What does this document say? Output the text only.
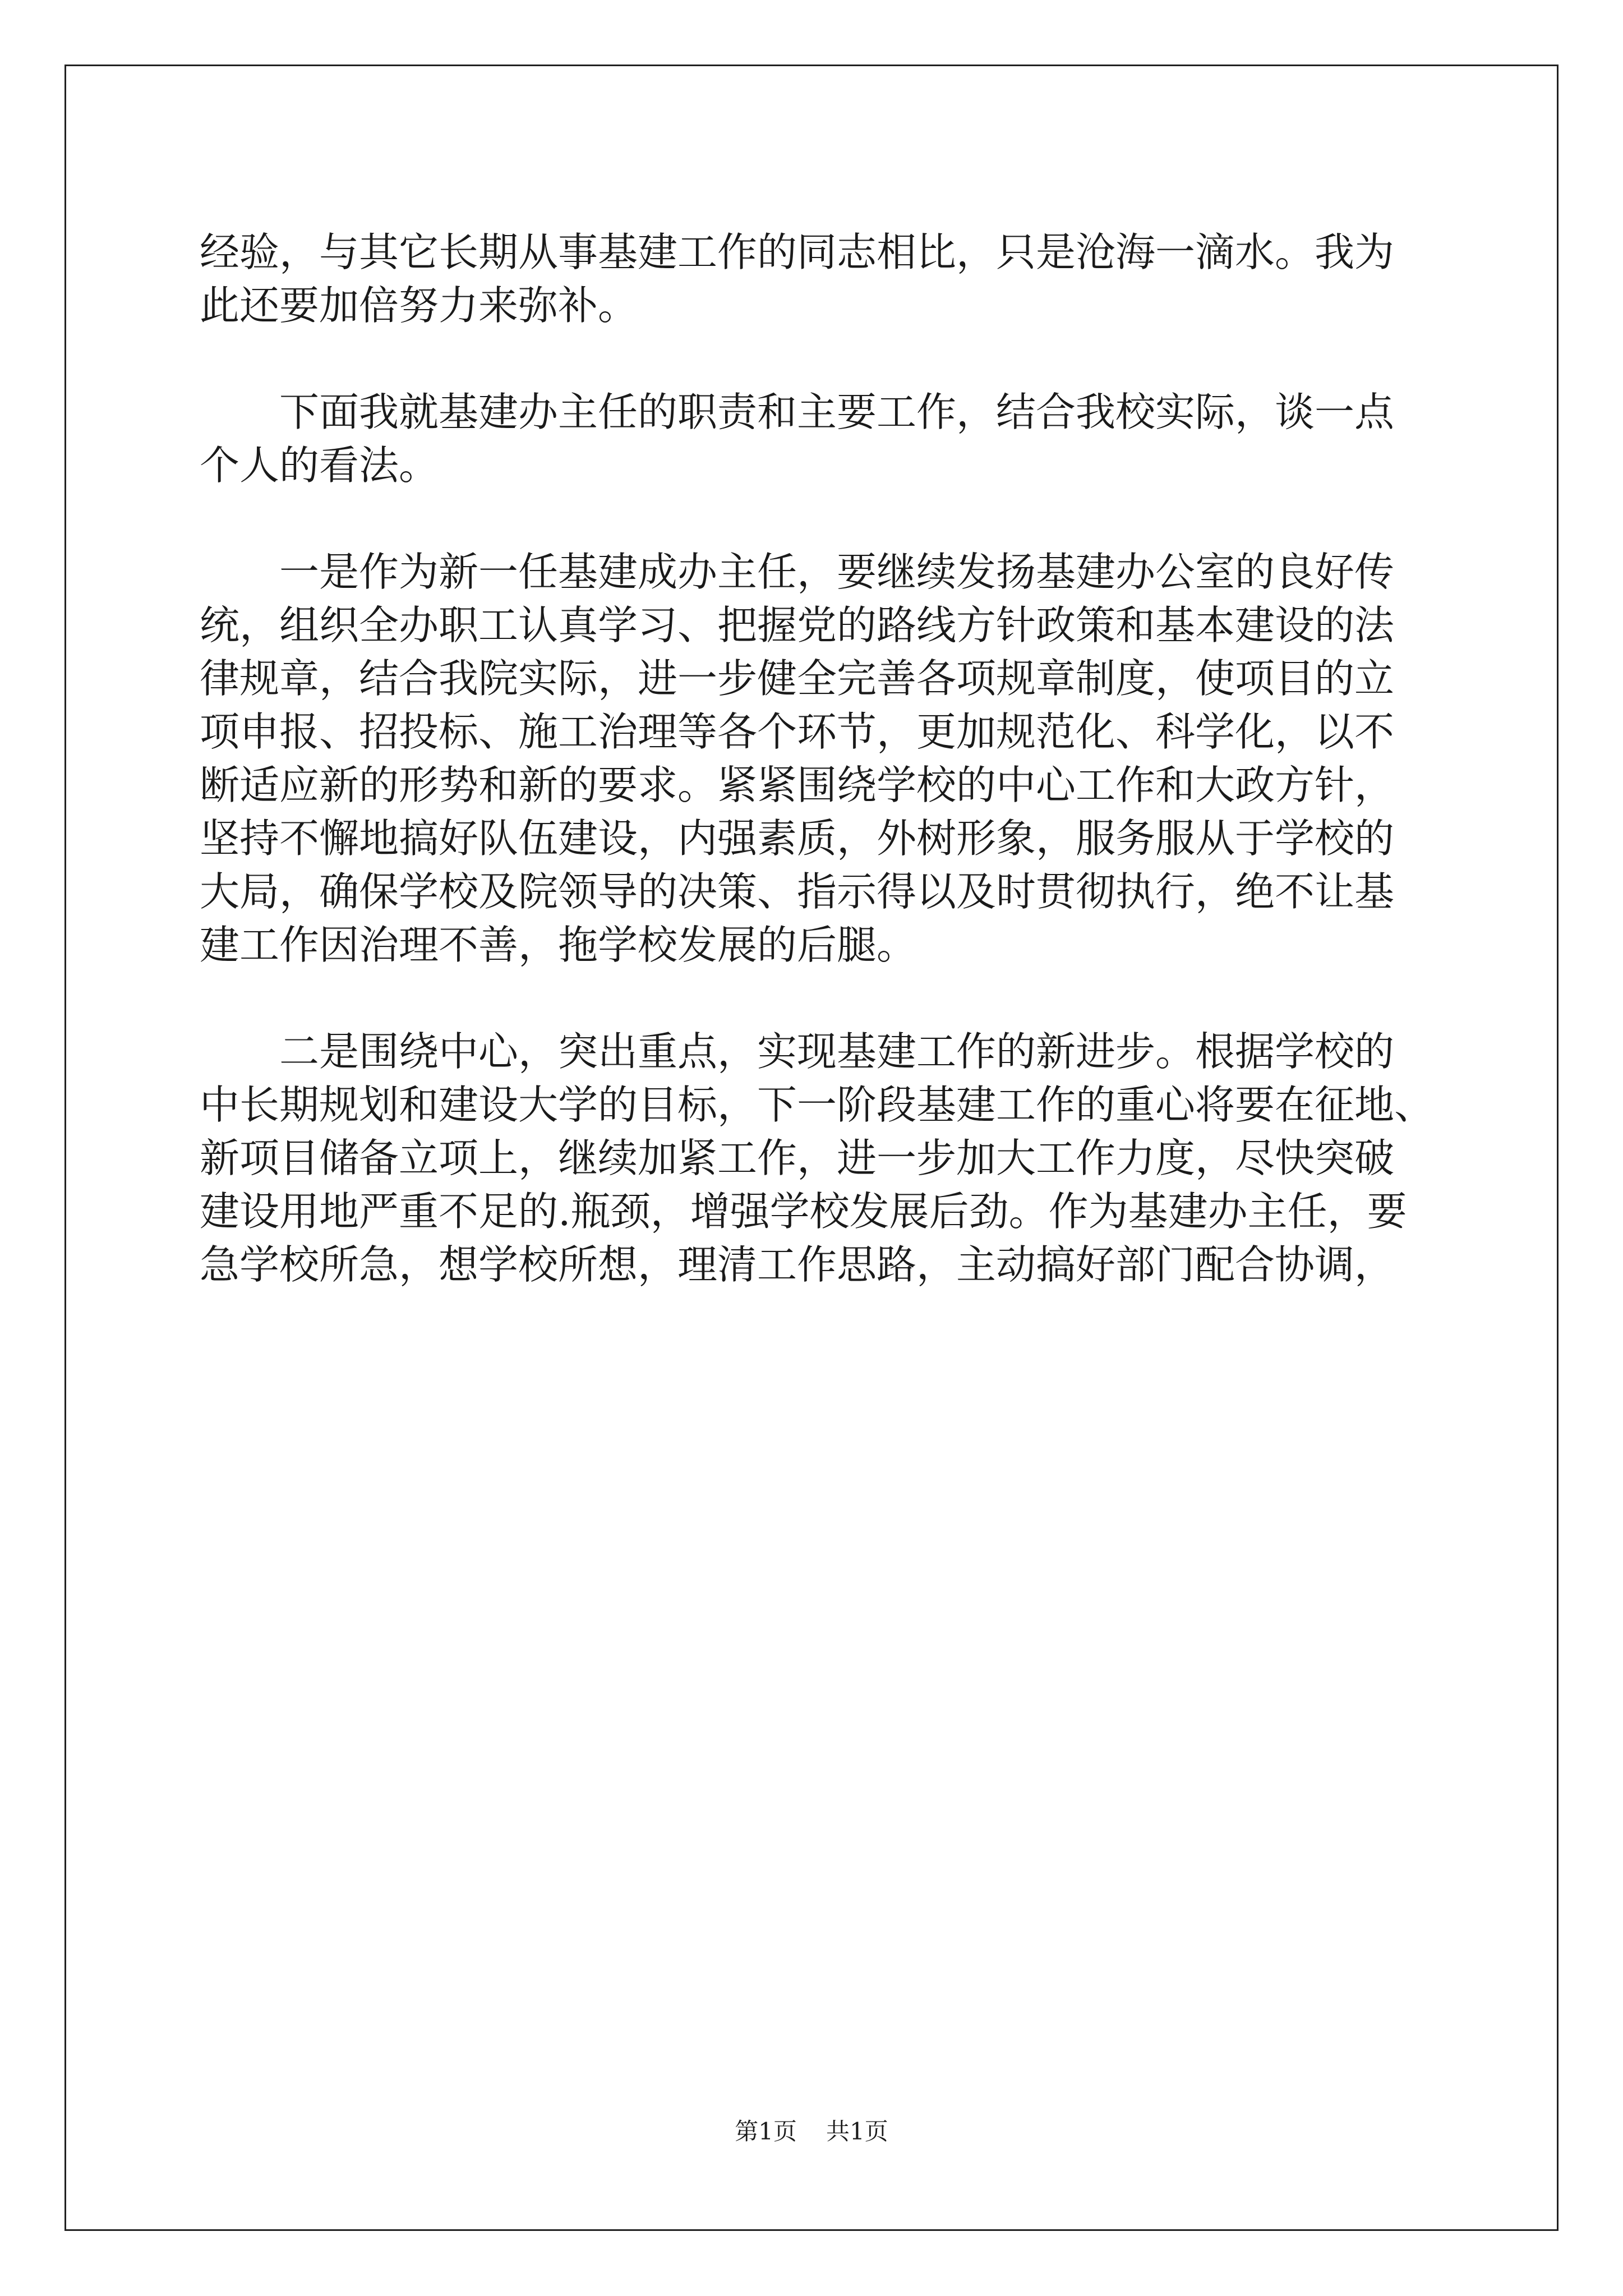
经验，与其它长期从事基建工作的同志相比，只是沧海一滴水。我为
此还要加倍努力来弥补。
　　下面我就基建办主任的职责和主要工作，结合我校实际，谈一点
个人的看法。
　　一是作为新一任基建成办主任，要继续发扬基建办公室的良好传
统，组织全办职工认真学习、把握党的路线方针政策和基本建设的法
律规章，结合我院实际，进一步健全完善各项规章制度，使项目的立
项申报、招投标、施工治理等各个环节，更加规范化、科学化，以不
断适应新的形势和新的要求。紧紧围绕学校的中心工作和大政方针，
坚持不懈地搞好队伍建设，内强素质，外树形象，服务服从于学校的
大局，确保学校及院领导的决策、指示得以及时贯彻执行，绝不让基
建工作因治理不善，拖学校发展的后腿。
　　二是围绕中心，突出重点，实现基建工作的新进步。根据学校的
中长期规划和建设大学的目标，下一阶段基建工作的重心将要在征地、
新项目储备立项上，继续加紧工作，进一步加大工作力度，尽快突破
建设用地严重不足的.瓶颈，增强学校发展后劲。作为基建办主任，要
急学校所急，想学校所想，理清工作思路，主动搞好部门配合协调，
第1页 共1页
